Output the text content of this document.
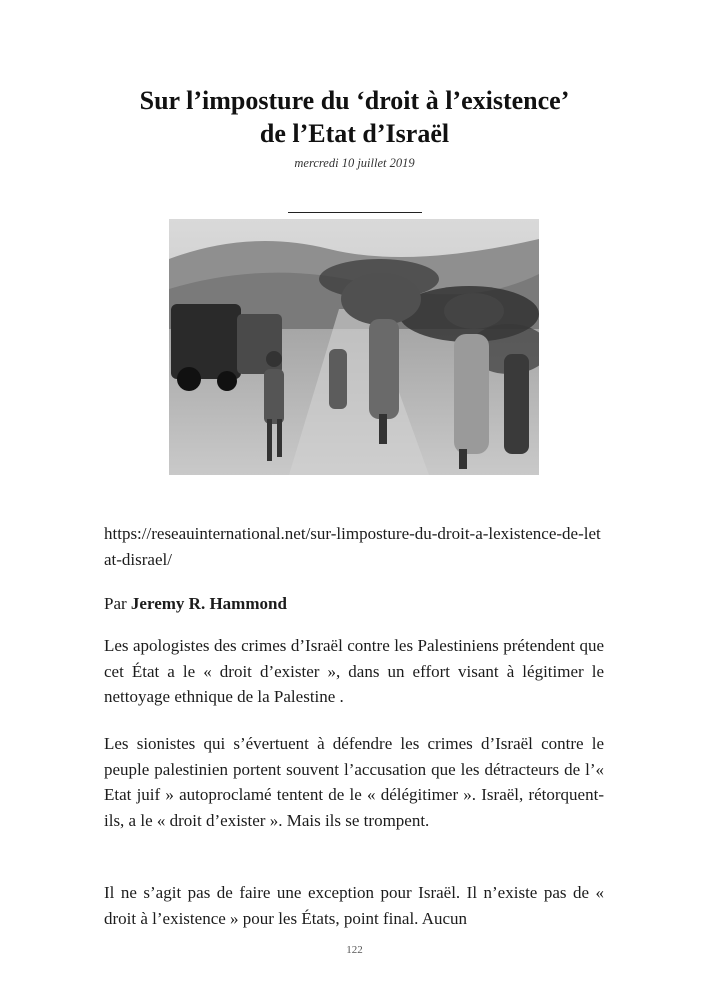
Sur l’imposture du ‘droit à l’existence’
de l’Etat d’Israël
mercredi 10 juillet 2019
https://reseauinternational.net/sur-limposture-du-droit-a-lexistence-de-letat-disrael/
Par Jeremy R. Hammond
Les apologistes des crimes d’Israël contre les Palestiniens prétendent que cet État a le « droit d’exister », dans un effort visant à légitimer le nettoyage ethnique de la Palestine .
Les sionistes qui s’évertuent à défendre les crimes d’Israël contre le peuple palestinien portent souvent l’accusation que les détracteurs de l’« Etat juif » autoproclamé tentent de le « délégitimer ». Israël, rétorquent-ils, a le « droit d’exister ». Mais ils se trompent.
Il ne s’agit pas de faire une exception pour Israël. Il n’existe pas de « droit à l’existence » pour les États, point final. Aucun
122
